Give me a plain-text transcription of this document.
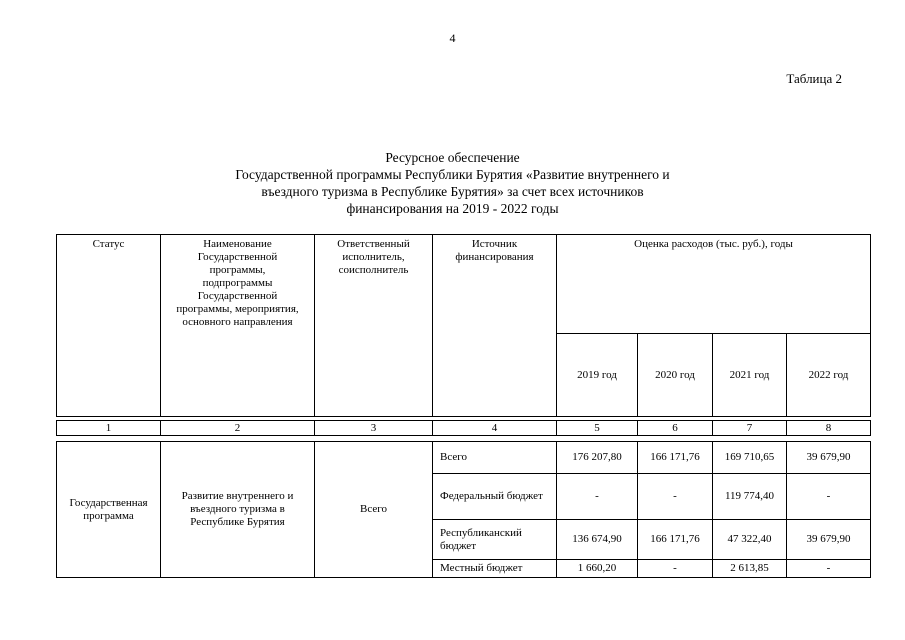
4
Таблица 2
Ресурсное обеспечение
Государственной программы Республики Бурятия «Развитие внутреннего и
въездного туризма в Республике Бурятия» за счет всех источников
финансирования на 2019 - 2022 годы
Статус	Наименование Государственной программы, подпрограммы Государственной программы, мероприятия, основного направления	Ответственный исполнитель, соисполнитель	Источник финансирования	Оценка расходов (тыс. руб.), годы			
				2019 год	2020 год	2021 год	2022 год
1	2	3	4	5	6	7	8
Государственная программа	Развитие внутреннего и въездного туризма в Республике Бурятия	Всего	Всего	176 207,80	166 171,76	169 710,65	39 679,90
			Федеральный бюджет	-	-	119 774,40	-
			Республиканский бюджет	136 674,90	166 171,76	47 322,40	39 679,90
			Местный бюджет	1 660,20	-	2 613,85	-
